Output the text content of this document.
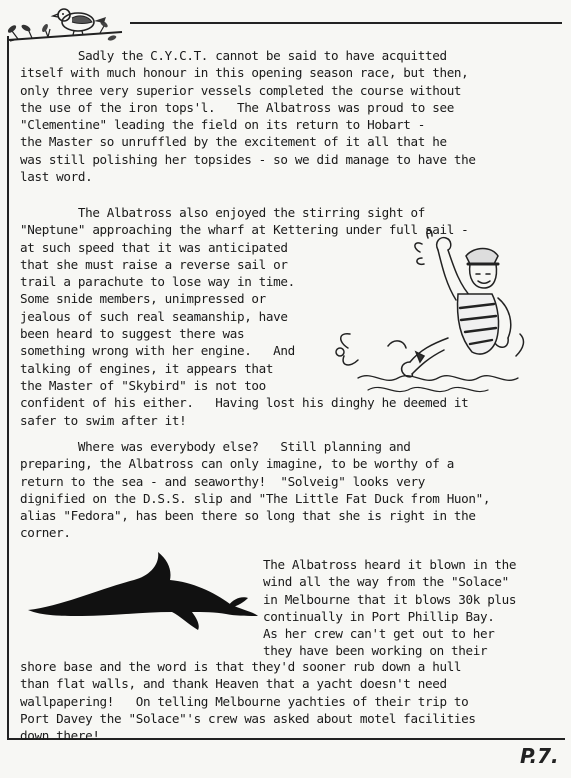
Sadly the C.Y.C.T. cannot be said to have acquitted
itself with much honour in this opening season race, but then,
only three very superior vessels completed the course without
the use of the iron tops'l.   The Albatross was proud to see
"Clementine" leading the field on its return to Hobart -
the Master so unruffled by the excitement of it all that he
was still polishing her topsides - so we did manage to have the
last word.

The Albatross also enjoyed the stirring sight of
"Neptune" approaching the wharf at Kettering under full sail -
at such speed that it was anticipated
that she must raise a reverse sail or
trail a parachute to lose way in time.
Some snide members, unimpressed or
jealous of such real seamanship, have
been heard to suggest there was
something wrong with her engine.   And
talking of engines, it appears that
the Master of "Skybird" is not too
confident of his either.   Having lost his dinghy he deemed it
safer to swim after it!

Where was everybody else?   Still planning and
preparing, the Albatross can only imagine, to be worthy of a
return to the sea - and seaworthy!  "Solveig" looks very
dignified on the D.S.S. slip and "The Little Fat Duck from Huon",
alias "Fedora", has been there so long that she is right in the
corner.

The Albatross heard it blown in the
wind all the way from the "Solace"
in Melbourne that it blows 30k plus
continually in Port Phillip Bay.
As her crew can't get out to her
they have been working on their

shore base and the word is that they'd sooner rub down a hull
than flat walls, and thank Heaven that a yacht doesn't need
wallpapering!   On telling Melbourne yachties of their trip to
Port Davey the "Solace"'s crew was asked about motel facilities
down there!

P.7.
